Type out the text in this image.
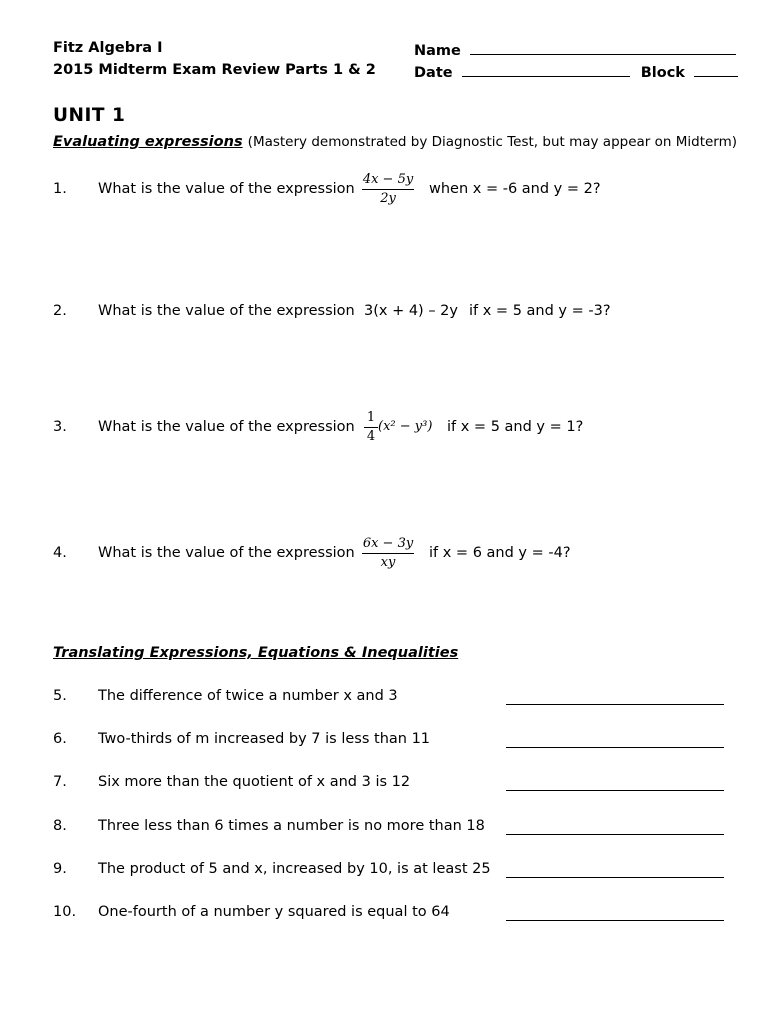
Fitz Algebra I
2015 Midterm Exam Review Parts 1 & 2
Name
Date	Block
UNIT 1
Evaluating expressions (Mastery demonstrated by Diagnostic Test, but may appear on Midterm)
1. What is the value of the expression
4x − 5y
2y
when x = -6 and y = 2?
2. What is the value of the expression 3(x + 4) – 2y if x = 5 and y = -3?
3. What is the value of the expression
1
4
(x² − y³) if x = 5 and y = 1?
4. What is the value of the expression
6x − 3y
xy
if x = 6 and y = -4?
Translating Expressions, Equations & Inequalities
5. The difference of twice a number x and 3
6. Two-thirds of m increased by 7 is less than 11
7. Six more than the quotient of x and 3 is 12
8. Three less than 6 times a number is no more than 18
9. The product of 5 and x, increased by 10, is at least 25
10. One-fourth of a number y squared is equal to 64
